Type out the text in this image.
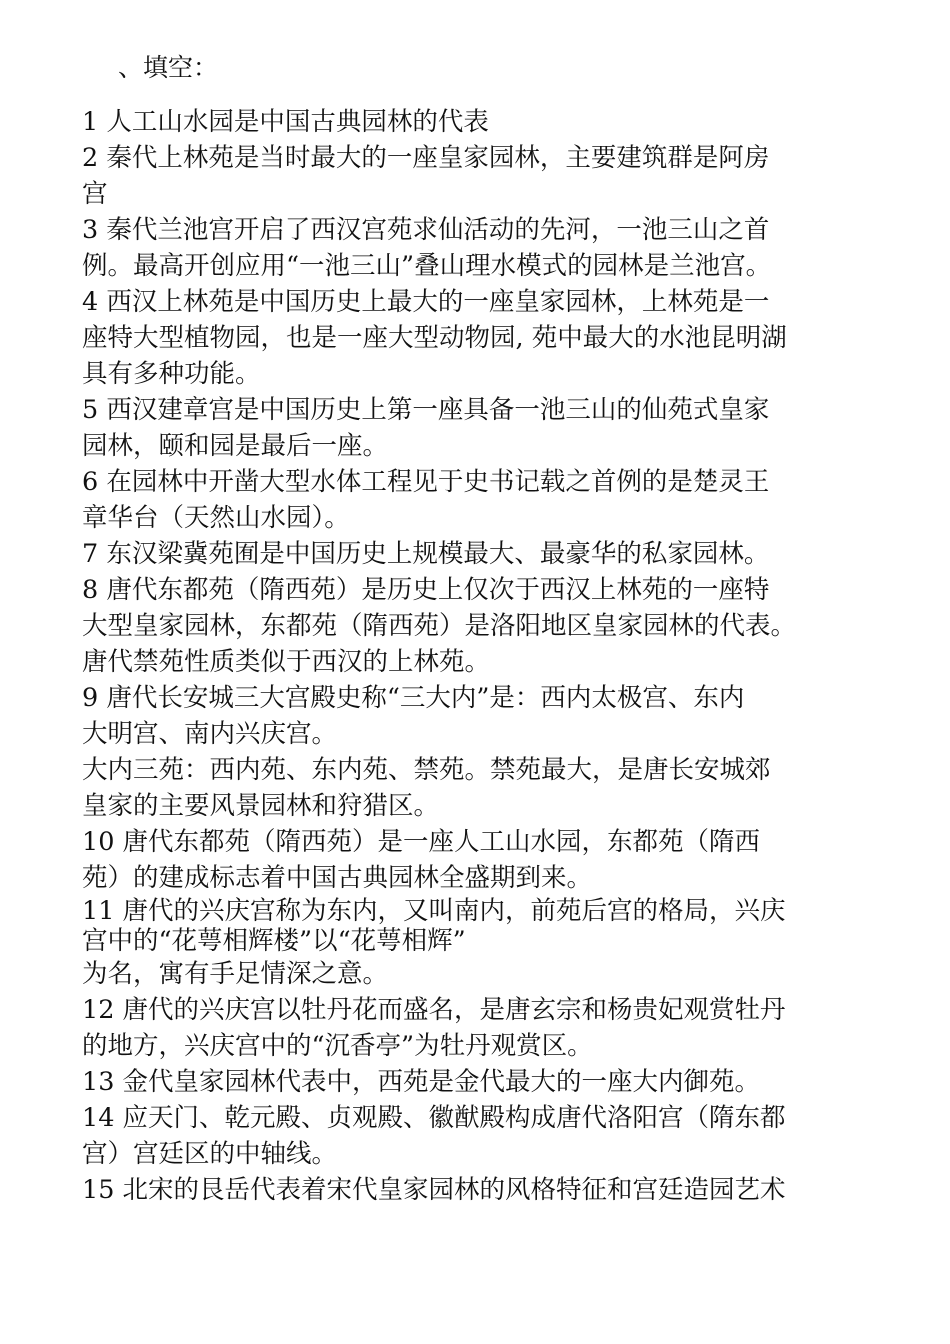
、填空：
1 人工山水园是中国古典园林的代表
2 秦代上林苑是当时最大的一座皇家园林，主要建筑群是阿房
宫
3 秦代兰池宫开启了西汉宫苑求仙活动的先河，一池三山之首
例。最高开创应用“一池三山”叠山理水模式的园林是兰池宫。
4 西汉上林苑是中国历史上最大的一座皇家园林，上林苑是一
座特大型植物园，也是一座大型动物园, 苑中最大的水池昆明湖
具有多种功能。
5 西汉建章宫是中国历史上第一座具备一池三山的仙苑式皇家
园林，颐和园是最后一座。
6 在园林中开凿大型水体工程见于史书记载之首例的是楚灵王
章华台（天然山水园）。
7 东汉梁冀苑囿是中国历史上规模最大、最豪华的私家园林。
8 唐代东都苑（隋西苑）是历史上仅次于西汉上林苑的一座特
大型皇家园林，东都苑（隋西苑）是洛阳地区皇家园林的代表。
唐代禁苑性质类似于西汉的上林苑。
9 唐代长安城三大宫殿史称“三大内”是：西内太极宫、东内
大明宫、南内兴庆宫。
大内三苑：西内苑、东内苑、禁苑。禁苑最大，是唐长安城郊
皇家的主要风景园林和狩猎区。
10 唐代东都苑（隋西苑）是一座人工山水园，东都苑（隋西
苑）的建成标志着中国古典园林全盛期到来。
11 唐代的兴庆宫称为东内，又叫南内，前苑后宫的格局，兴庆
宫中的“花萼相辉楼”以“花萼相辉”
为名，寓有手足情深之意。
12 唐代的兴庆宫以牡丹花而盛名，是唐玄宗和杨贵妃观赏牡丹
的地方，兴庆宫中的“沉香亭”为牡丹观赏区。
13 金代皇家园林代表中，西苑是金代最大的一座大内御苑。
14 应天门、乾元殿、贞观殿、徽猷殿构成唐代洛阳宫（隋东都
宫）宫廷区的中轴线。
15 北宋的艮岳代表着宋代皇家园林的风格特征和宫廷造园艺术
